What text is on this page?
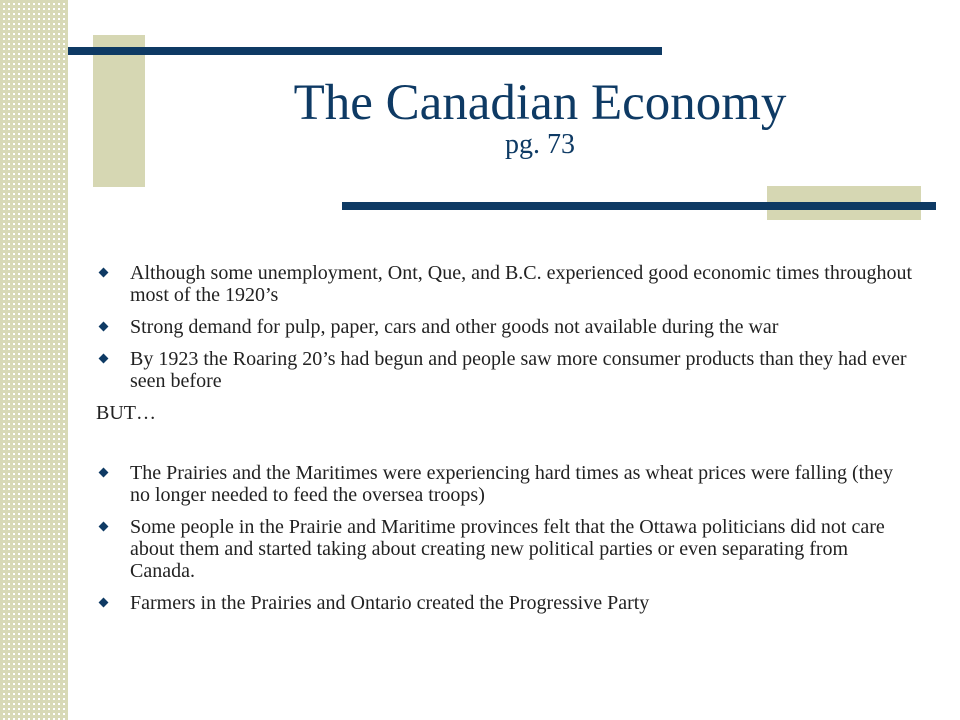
The Canadian Economy
pg. 73
Although some unemployment, Ont, Que, and B.C. experienced good economic times throughout most of the 1920’s
Strong demand for pulp, paper, cars and other goods not available during the war
By 1923 the Roaring 20’s had begun and people saw more consumer products than they had ever seen before

BUT…

The Prairies and the Maritimes were experiencing hard times as wheat prices were falling (they no longer needed to feed the oversea troops)
Some people in the Prairie and Maritime provinces felt that the Ottawa politicians did not care about them and started taking about creating new political parties or even separating from Canada.
Farmers in the Prairies and Ontario created the Progressive Party
